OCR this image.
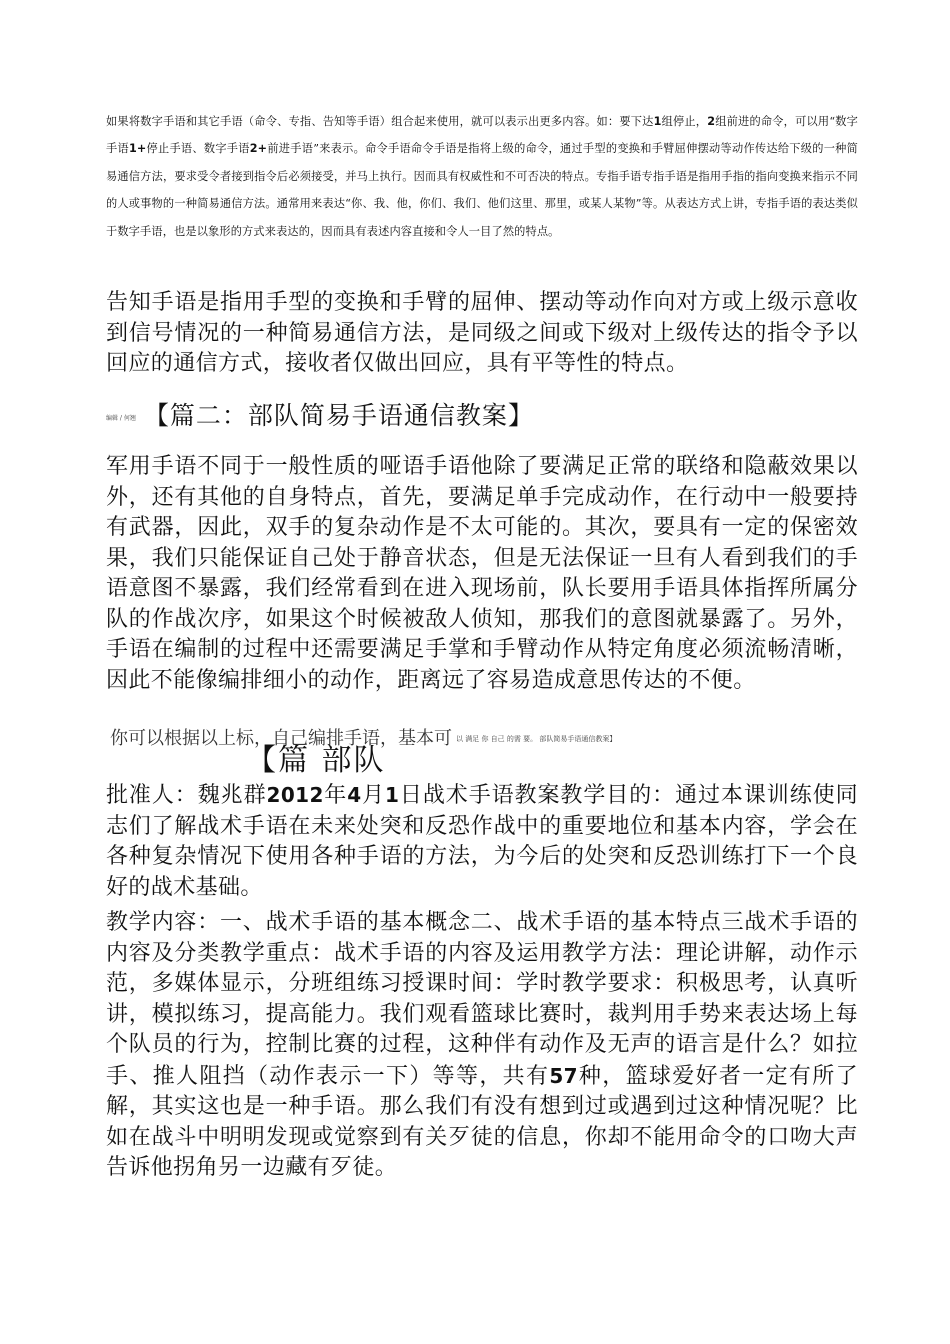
如果将数字手语和其它手语（命令、专指、告知等手语）组合起来使用，就可以表示出更多内容。如：要下达1组停止，2组前进的命令，可以用“数字手语1+停止手语、数字手语2+前进手语”来表示。命令手语命令手语是指将上级的命令，通过手型的变换和手臂屈伸摆动等动作传达给下级的一种简易通信方法，要求受令者接到指令后必须接受，并马上执行。因而具有权威性和不可否决的特点。专指手语专指手语是指用手指的指向变换来指示不同的人或事物的一种简易通信方法。通常用来表达“你、我、他，你们、我们、他们这里、那里，或某人某物”等。从表达方式上讲，专指手语的表达类似于数字手语，也是以象形的方式来表达的，因而具有表述内容直接和令人一目了然的特点。
告知手语是指用手型的变换和手臂的屈伸、摆动等动作向对方或上级示意收到信号情况的一种简易通信方法，是同级之间或下级对上级传达的指令予以回应的通信方式，接收者仅做出回应，具有平等性的特点。
编辑 / 何翘 【篇二：部队简易手语通信教案】
军用手语不同于一般性质的哑语手语他除了要满足正常的联络和隐蔽效果以外，还有其他的自身特点，首先，要满足单手完成动作，在行动中一般要持有武器，因此，双手的复杂动作是不太可能的。其次，要具有一定的保密效果，我们只能保证自己处于静音状态，但是无法保证一旦有人看到我们的手语意图不暴露，我们经常看到在进入现场前，队长要用手语具体指挥所属分队的作战次序，如果这个时候被敌人侦知，那我们的意图就暴露了。另外，手语在编制的过程中还需要满足手掌和手臂动作从特定角度必须流畅清晰，因此不能像编排细小的动作，距离远了容易造成意思传达的不便。
你可以根据以上标，自己编排手语，基本可 $^{以 满足 你 自己 的需 要。 部队简易手语通信教案】}$
【篇 部队
批准人：魏兆群2012年4月1日战术手语教案教学目的：通过本课训练使同志们了解战术手语在未来处突和反恐作战中的重要地位和基本内容，学会在各种复杂情况下使用各种手语的方法，为今后的处突和反恐训练打下一个良好的战术基础。
教学内容：一、战术手语的基本概念二、战术手语的基本特点三战术手语的内容及分类教学重点：战术手语的内容及运用教学方法：理论讲解，动作示范，多媒体显示，分班组练习授课时间：学时教学要求：积极思考，认真听讲，模拟练习，提高能力。我们观看篮球比赛时，裁判用手势来表达场上每个队员的行为，控制比赛的过程，这种伴有动作及无声的语言是什么？如拉手、推人阻挡（动作表示一下）等等，共有57种，篮球爱好者一定有所了解，其实这也是一种手语。那么我们有没有想到过或遇到过这种情况呢？比如在战斗中明明发现或觉察到有关歹徒的信息，你却不能用命令的口吻大声告诉他拐角另一边藏有歹徒。
